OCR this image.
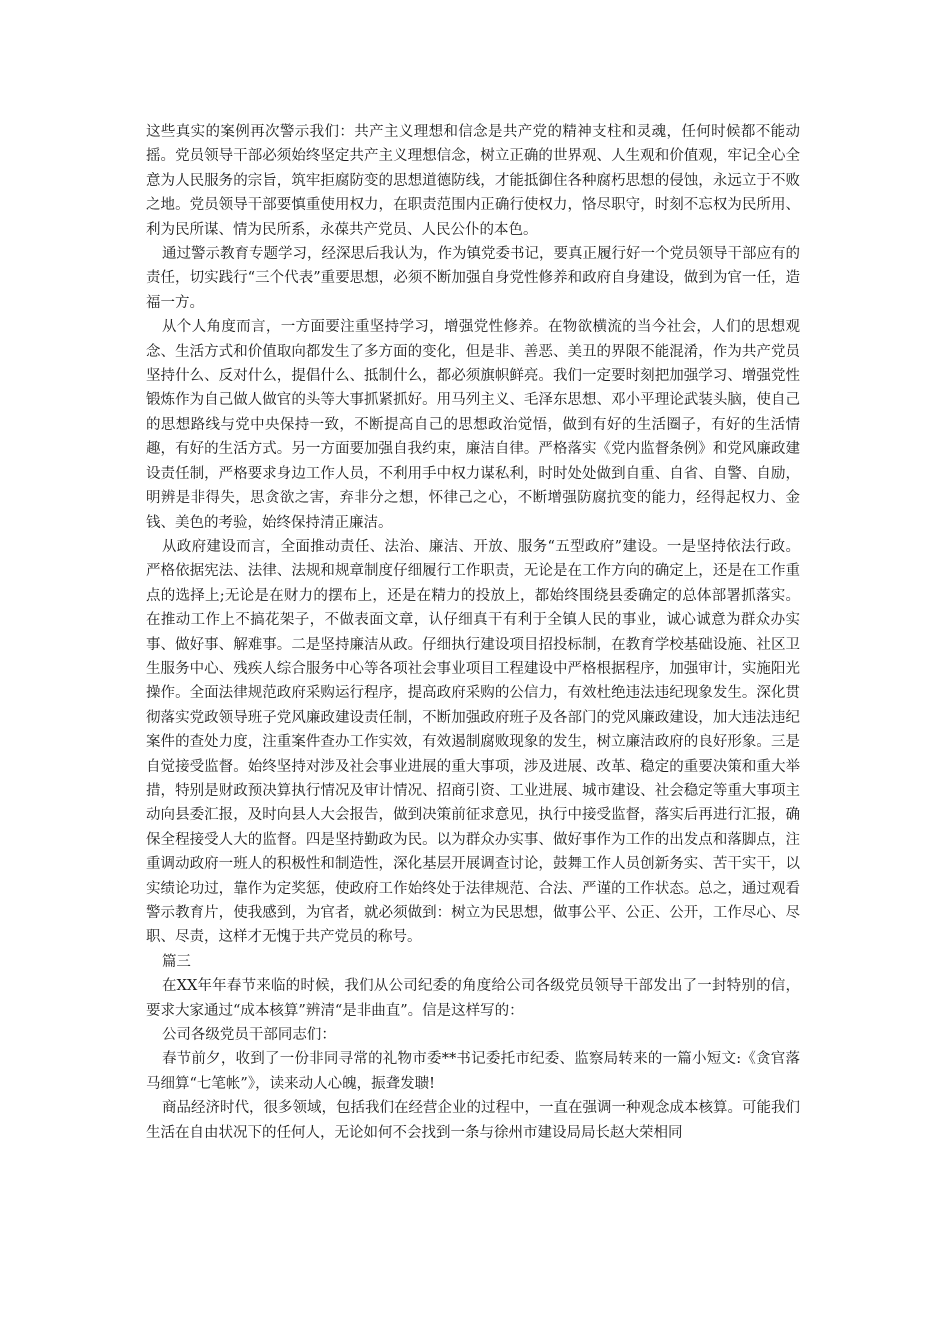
这些真实的案例再次警示我们：共产主义理想和信念是共产党的精神支柱和灵魂，任何时候都不能动摇。党员领导干部必须始终坚定共产主义理想信念，树立正确的世界观、人生观和价值观，牢记全心全意为人民服务的宗旨，筑牢拒腐防变的思想道德防线，才能抵御住各种腐朽思想的侵蚀，永远立于不败之地。党员领导干部要慎重使用权力，在职责范围内正确行使权力，恪尽职守，时刻不忘权为民所用、利为民所谋、情为民所系，永葆共产党员、人民公仆的本色。

通过警示教育专题学习，经深思后我认为，作为镇党委书记，要真正履行好一个党员领导干部应有的责任，切实践行“三个代表”重要思想，必须不断加强自身党性修养和政府自身建设，做到为官一任，造福一方。

从个人角度而言，一方面要注重坚持学习，增强党性修养。在物欲横流的当今社会，人们的思想观念、生活方式和价值取向都发生了多方面的变化，但是非、善恶、美丑的界限不能混淆，作为共产党员坚持什么、反对什么，提倡什么、抵制什么，都必须旗帜鲜亮。我们一定要时刻把加强学习、增强党性锻炼作为自己做人做官的头等大事抓紧抓好。用马列主义、毛泽东思想、邓小平理论武装头脑，使自己的思想路线与党中央保持一致，不断提高自己的思想政治觉悟，做到有好的生活圈子，有好的生活情趣，有好的生活方式。另一方面要加强自我约束，廉洁自律。严格落实《党内监督条例》和党风廉政建设责任制，严格要求身边工作人员，不利用手中权力谋私利，时时处处做到自重、自省、自警、自励，明辨是非得失，思贪欲之害，弃非分之想，怀律己之心，不断增强防腐抗变的能力，经得起权力、金钱、美色的考验，始终保持清正廉洁。

从政府建设而言，全面推动责任、法治、廉洁、开放、服务“五型政府”建设。一是坚持依法行政。严格依据宪法、法律、法规和规章制度仔细履行工作职责，无论是在工作方向的确定上，还是在工作重点的选择上;无论是在财力的摆布上，还是在精力的投放上，都始终围绕县委确定的总体部署抓落实。在推动工作上不搞花架子，不做表面文章，认仔细真干有利于全镇人民的事业，诚心诚意为群众办实事、做好事、解难事。二是坚持廉洁从政。仔细执行建设项目招投标制，在教育学校基础设施、社区卫生服务中心、残疾人综合服务中心等各项社会事业项目工程建设中严格根据程序，加强审计，实施阳光操作。全面法律规范政府采购运行程序，提高政府采购的公信力，有效杜绝违法违纪现象发生。深化贯彻落实党政领导班子党风廉政建设责任制，不断加强政府班子及各部门的党风廉政建设，加大违法违纪案件的查处力度，注重案件查办工作实效，有效遏制腐败现象的发生，树立廉洁政府的良好形象。三是自觉接受监督。始终坚持对涉及社会事业进展的重大事项，涉及进展、改革、稳定的重要决策和重大举措，特别是财政预决算执行情况及审计情况、招商引资、工业进展、城市建设、社会稳定等重大事项主动向县委汇报，及时向县人大会报告，做到决策前征求意见，执行中接受监督，落实后再进行汇报，确保全程接受人大的监督。四是坚持勤政为民。以为群众办实事、做好事作为工作的出发点和落脚点，注重调动政府一班人的积极性和制造性，深化基层开展调查讨论，鼓舞工作人员创新务实、苦干实干，以实绩论功过，靠作为定奖惩，使政府工作始终处于法律规范、合法、严谨的工作状态。总之，通过观看警示教育片，使我感到，为官者，就必须做到：树立为民思想，做事公平、公正、公开，工作尽心、尽职、尽责，这样才无愧于共产党员的称号。

篇三

在XX年年春节来临的时候，我们从公司纪委的角度给公司各级党员领导干部发出了一封特别的信，要求大家通过“成本核算”辨清“是非曲直”。信是这样写的：

公司各级党员干部同志们：

春节前夕，收到了一份非同寻常的礼物市委**书记委托市纪委、监察局转来的一篇小短文:《贪官落马细算“七笔帐”》，读来动人心魄，振聋发聩!

商品经济时代，很多领域，包括我们在经营企业的过程中，一直在强调一种观念成本核算。可能我们生活在自由状况下的任何人，无论如何不会找到一条与徐州市建设局局长赵大荣相同
